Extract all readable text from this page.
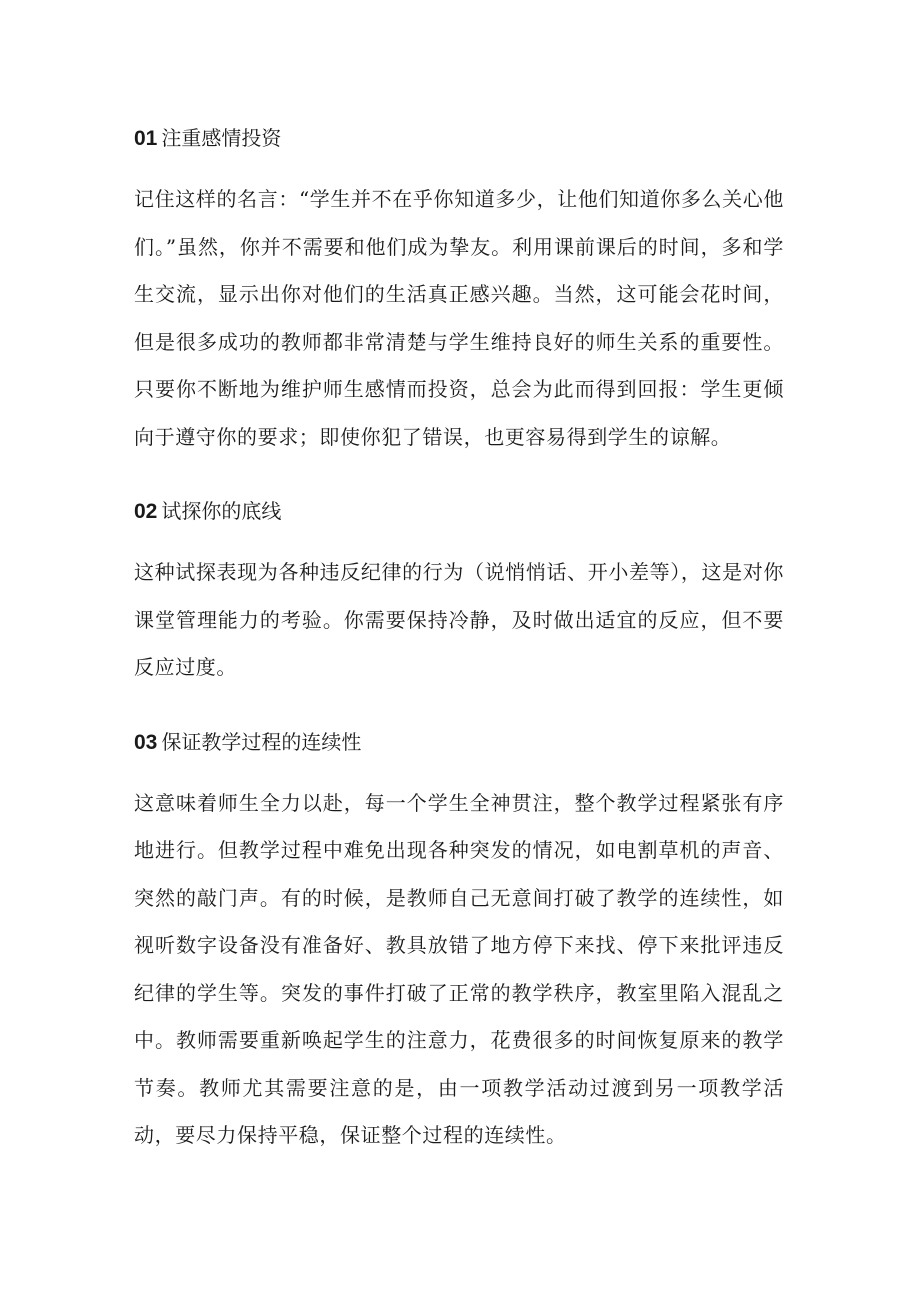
01 注重感情投资

记住这样的名言：“学生并不在乎你知道多少，让他们知道你多么关心他们。”虽然，你并不需要和他们成为挚友。利用课前课后的时间，多和学生交流，显示出你对他们的生活真正感兴趣。当然，这可能会花时间，但是很多成功的教师都非常清楚与学生维持良好的师生关系的重要性。只要你不断地为维护师生感情而投资，总会为此而得到回报：学生更倾向于遵守你的要求；即使你犯了错误，也更容易得到学生的谅解。

02 试探你的底线

这种试探表现为各种违反纪律的行为（说悄悄话、开小差等），这是对你课堂管理能力的考验。你需要保持冷静，及时做出适宜的反应，但不要反应过度。

03 保证教学过程的连续性

这意味着师生全力以赴，每一个学生全神贯注，整个教学过程紧张有序地进行。但教学过程中难免出现各种突发的情况，如电割草机的声音、突然的敲门声。有的时候，是教师自己无意间打破了教学的连续性，如视听数字设备没有准备好、教具放错了地方停下来找、停下来批评违反纪律的学生等。突发的事件打破了正常的教学秩序，教室里陷入混乱之中。教师需要重新唤起学生的注意力，花费很多的时间恢复原来的教学节奏。教师尤其需要注意的是，由一项教学活动过渡到另一项教学活动，要尽力保持平稳，保证整个过程的连续性。
